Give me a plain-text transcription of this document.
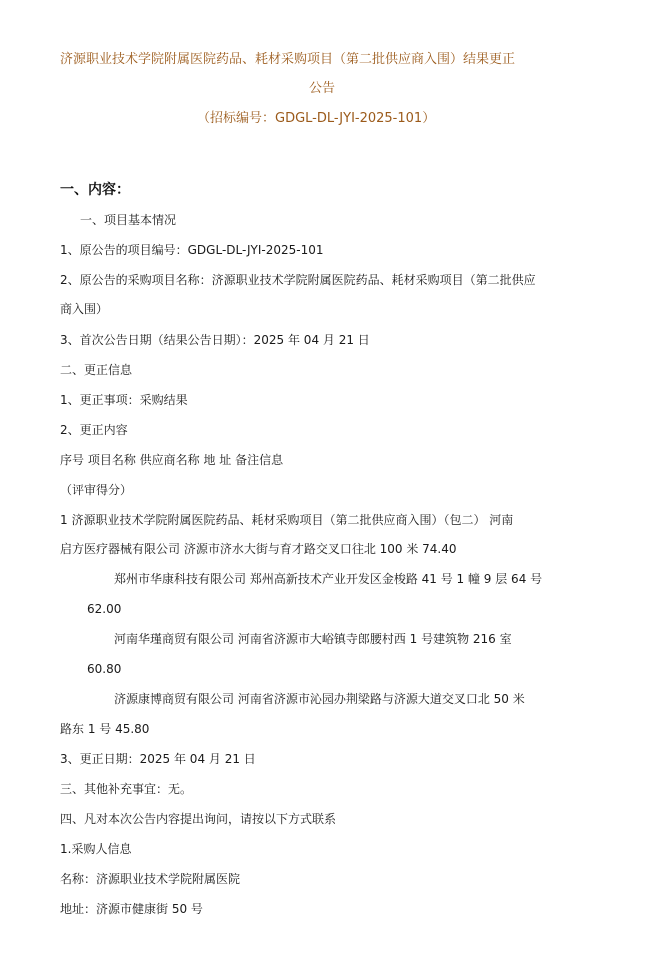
济源职业技术学院附属医院药品、耗材采购项目（第二批供应商入围）结果更正
公告
（招标编号：GDGL-DL-JYI-2025-101）
一、内容：
一、项目基本情况
1、原公告的项目编号：GDGL-DL-JYI-2025-101
2、原公告的采购项目名称：济源职业技术学院附属医院药品、耗材采购项目（第二批供应
商入围）
3、首次公告日期（结果公告日期）：2025 年 04 月 21 日
二、更正信息
1、更正事项：采购结果
2、更正内容
序号 项目名称 供应商名称 地 址 备注信息
（评审得分）
1 济源职业技术学院附属医院药品、耗材采购项目（第二批供应商入围）（包二） 河南
启方医疗器械有限公司 济源市济水大街与育才路交叉口往北 100 米 74.40
郑州市华康科技有限公司 郑州高新技术产业开发区金梭路 41 号 1 幢 9 层 64 号
62.00
河南华瑾商贸有限公司 河南省济源市大峪镇寺郎腰村西 1 号建筑物 216 室
60.80
济源康博商贸有限公司 河南省济源市沁园办荆梁路与济源大道交叉口北 50 米
路东 1 号 45.80
3、更正日期：2025 年 04 月 21 日
三、其他补充事宜：无。
四、凡对本次公告内容提出询问，请按以下方式联系
1.采购人信息
名称：济源职业技术学院附属医院
地址：济源市健康街 50 号
